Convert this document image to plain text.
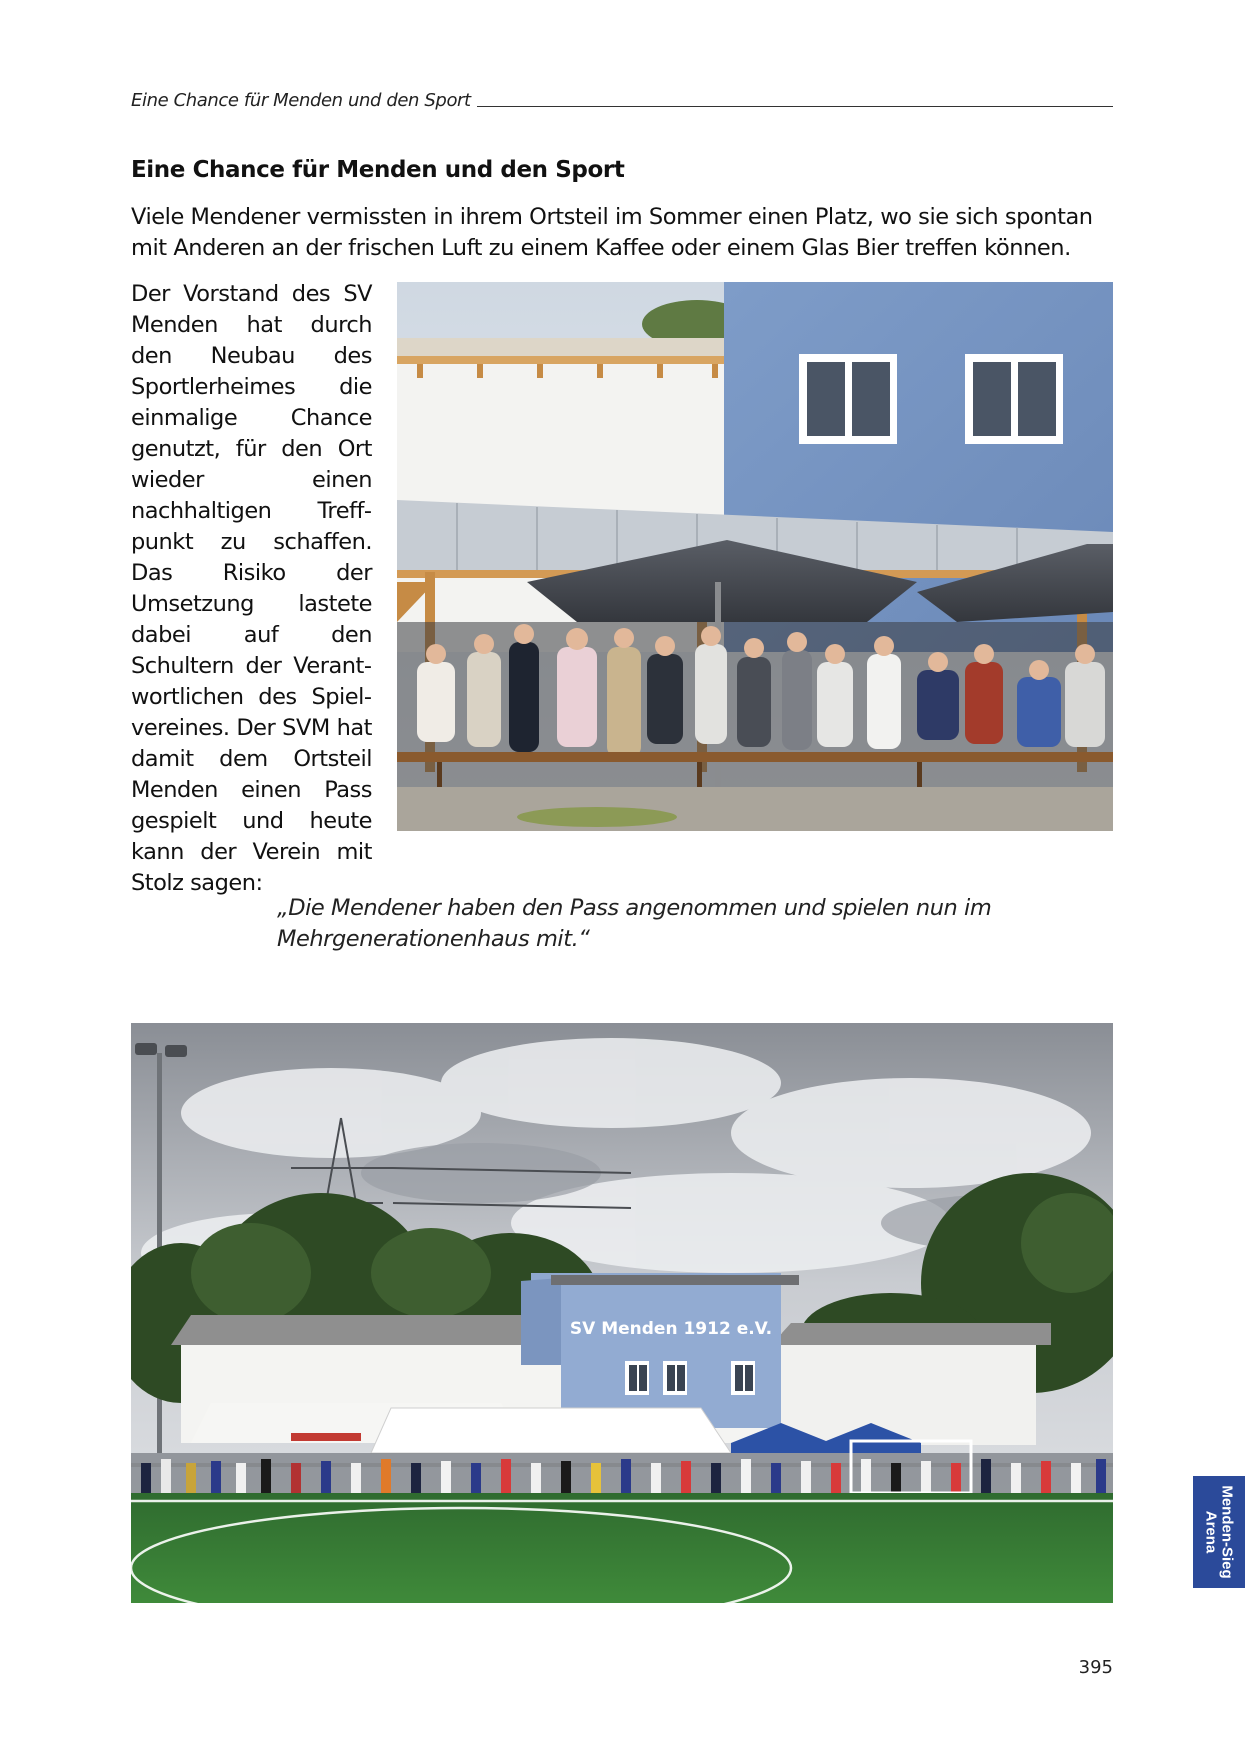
Eine Chance für Menden und den Sport
Eine Chance für Menden und den Sport

Viele Mendener vermissten in ihrem Ortsteil im Sommer einen Platz, wo sie sich spontan mit Anderen an der frischen Luft zu einem Kaffee oder einem Glas Bier treffen können.

Der Vorstand des SV Menden hat durch den Neubau des Sportlerheimes die einmalige Chance genutzt, für den Ort wieder einen nachhaltigen Treffpunkt zu schaffen. Das Risiko der Umsetzung lastete dabei auf den Schultern der Verantwortlichen des Spielvereines. Der SVM hat damit dem Ortsteil Menden einen Pass gespielt und heute kann der Verein mit Stolz sagen:

„Die Mendener haben den Pass angenommen und spielen nun im Mehrgenerationenhaus mit.“

SV Menden 1912 e.V.
Menden-Sieg
Arena
395
